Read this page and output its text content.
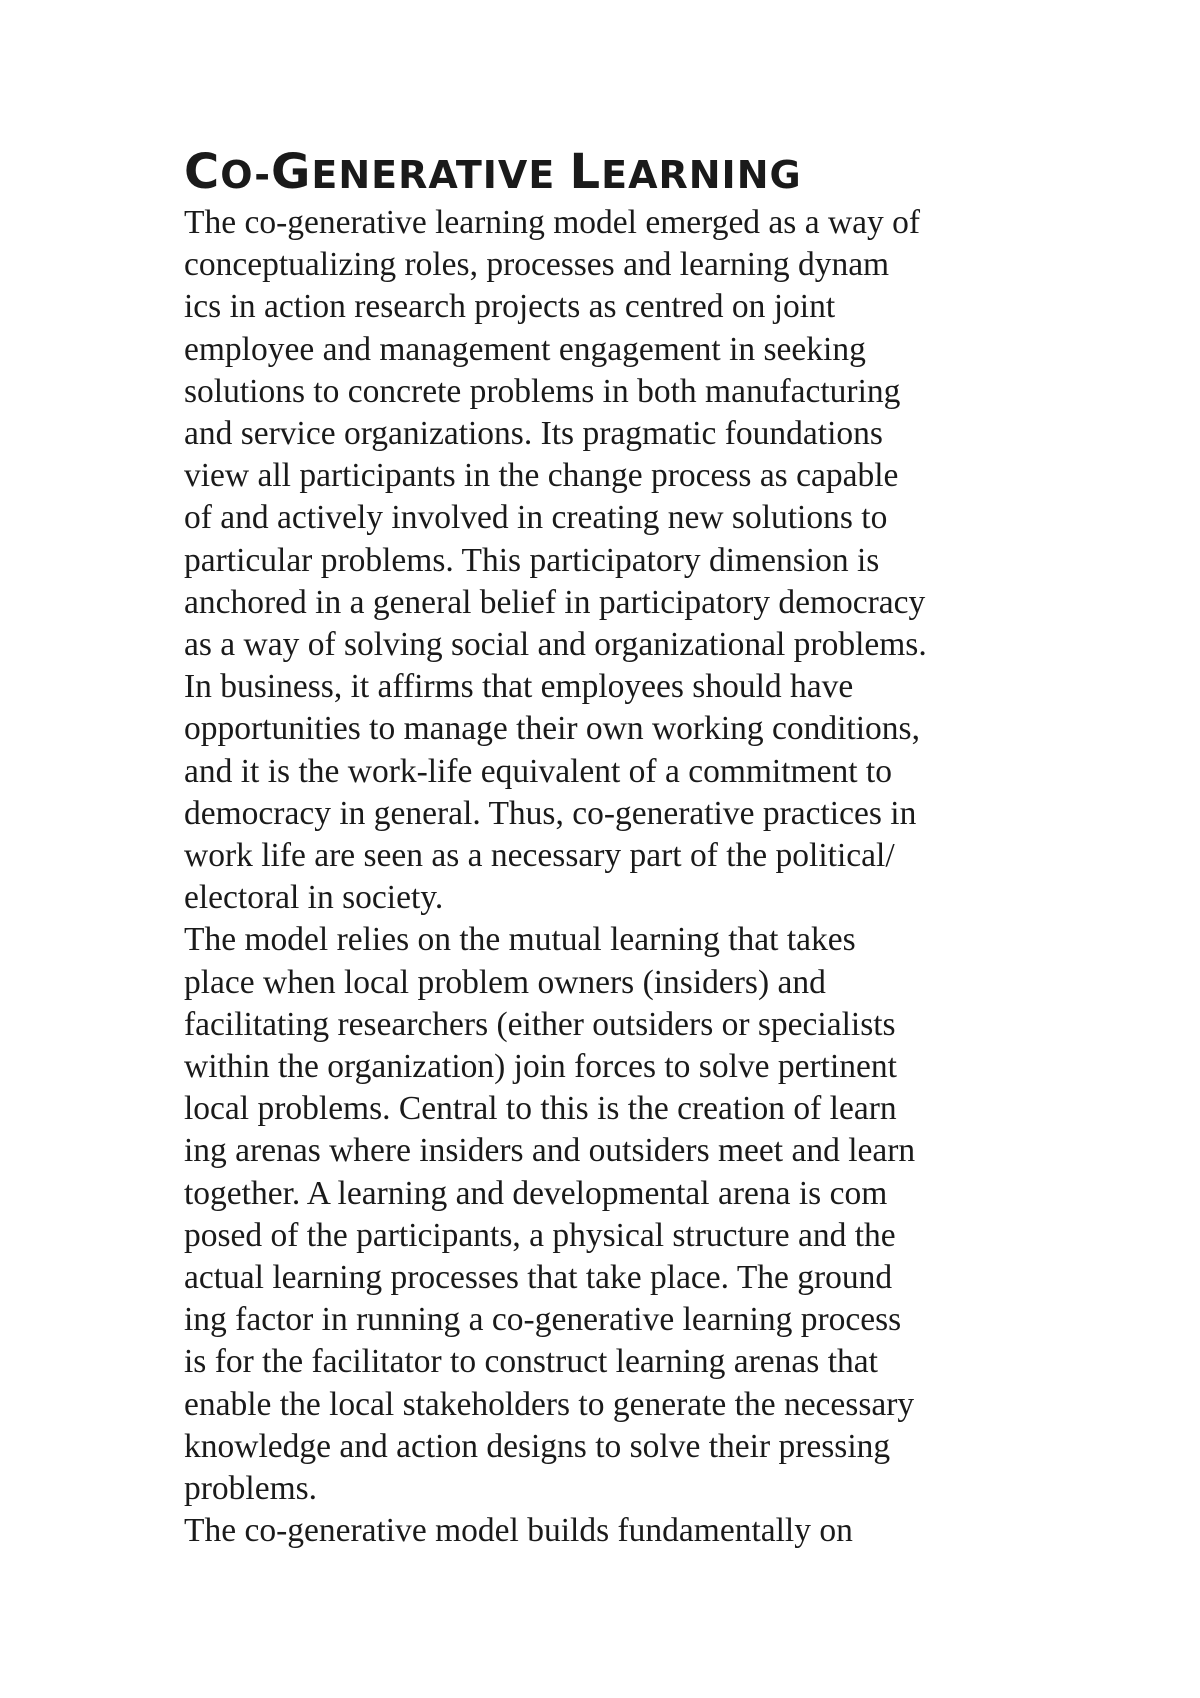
CO-GENERATIVE LEARNING
The co-generative learning model emerged as a way of
conceptualizing roles, processes and learning dynam
ics in action research projects as centred on joint
employee and management engagement in seeking
solutions to concrete problems in both manufacturing
and service organizations. Its pragmatic foundations
view all participants in the change process as capable
of and actively involved in creating new solutions to
particular problems. This participatory dimension is
anchored in a general belief in participatory democracy
as a way of solving social and organizational problems.
In business, it affirms that employees should have
opportunities to manage their own working conditions,
and it is the work-life equivalent of a commitment to
democracy in general. Thus, co-generative practices in
work life are seen as a necessary part of the political/
electoral in society.
The model relies on the mutual learning that takes
place when local problem owners (insiders) and
facilitating researchers (either outsiders or specialists
within the organization) join forces to solve pertinent
local problems. Central to this is the creation of learn
ing arenas where insiders and outsiders meet and learn
together. A learning and developmental arena is com
posed of the participants, a physical structure and the
actual learning processes that take place. The ground
ing factor in running a co-generative learning process
is for the facilitator to construct learning arenas that
enable the local stakeholders to generate the necessary
knowledge and action designs to solve their pressing
problems.
The co-generative model builds fundamentally on
